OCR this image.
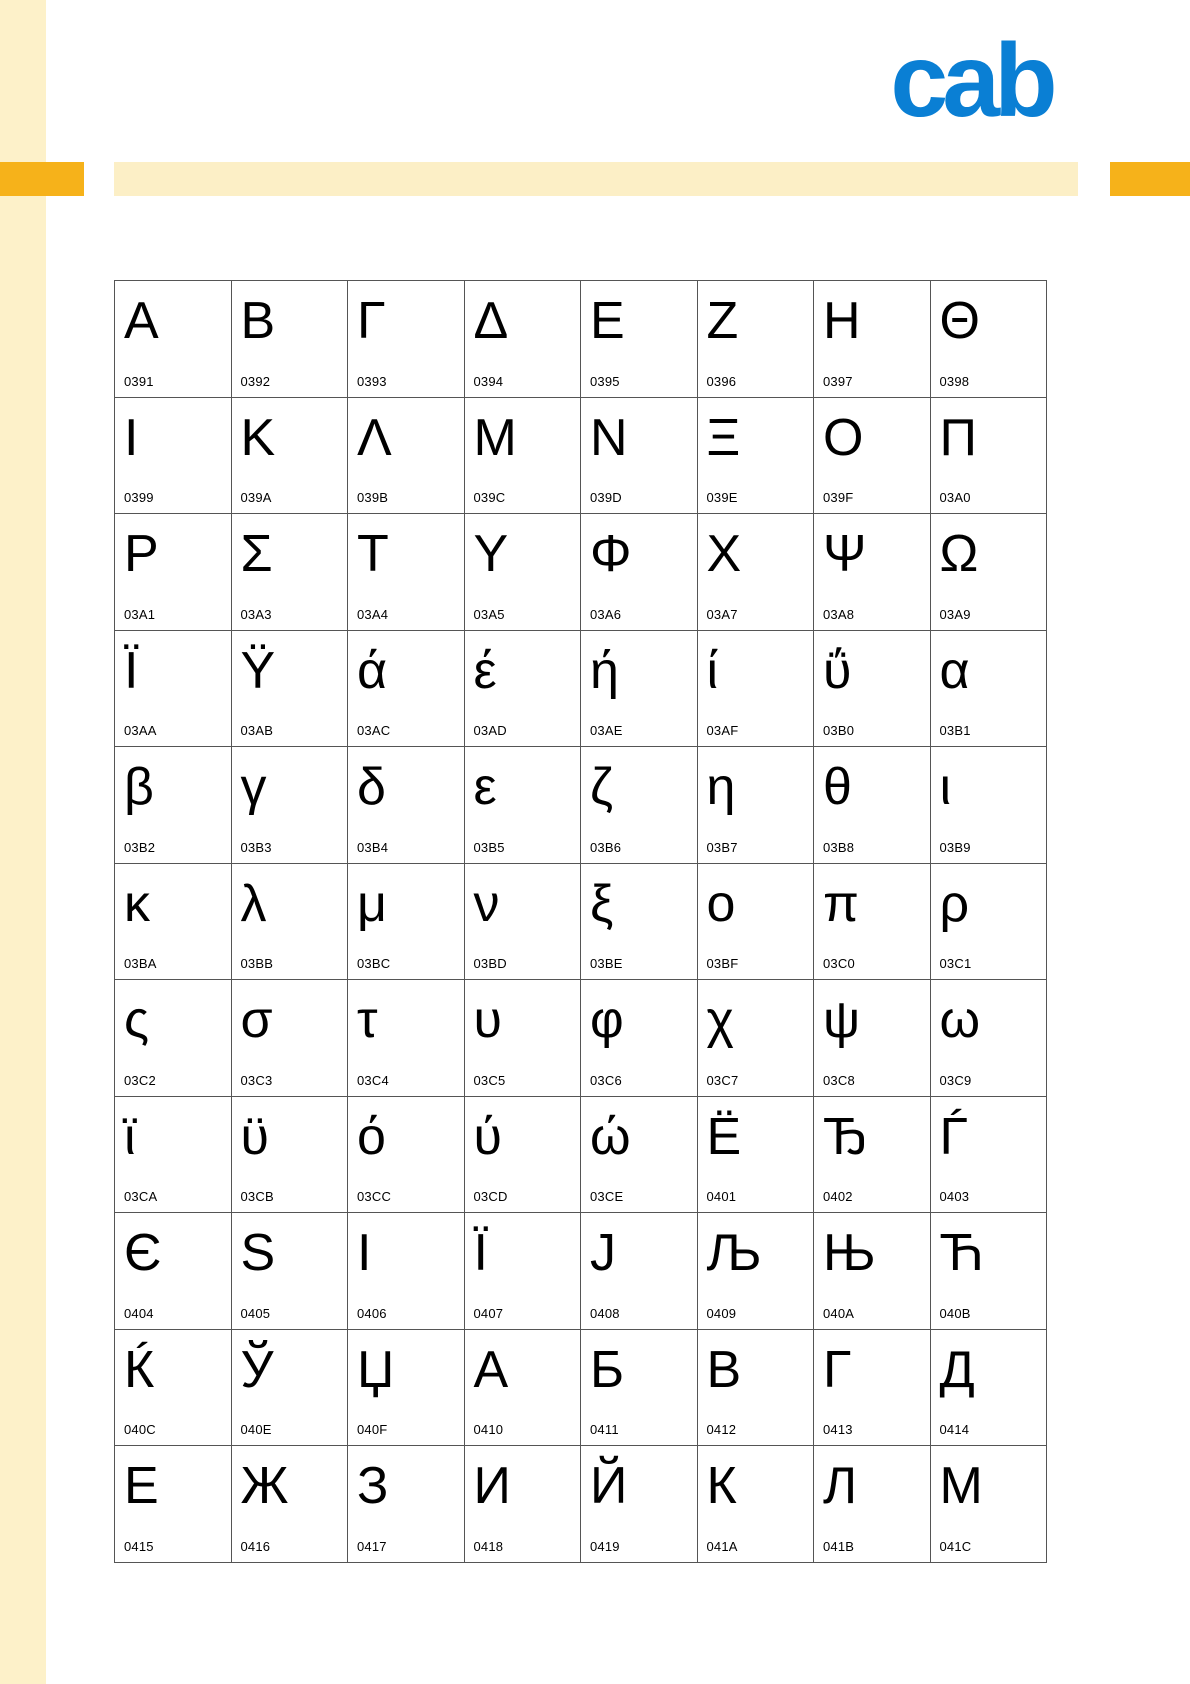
cab
Α
0391
Β
0392
Γ
0393
Δ
0394
Ε
0395
Ζ
0396
Η
0397
Θ
0398
Ι
0399
Κ
039A
Λ
039B
Μ
039C
Ν
039D
Ξ
039E
Ο
039F
Π
03A0
Ρ
03A1
Σ
03A3
Τ
03A4
Υ
03A5
Φ
03A6
Χ
03A7
Ψ
03A8
Ω
03A9
Ϊ
03AA
Ϋ
03AB
ά
03AC
έ
03AD
ή
03AE
ί
03AF
ΰ
03B0
α
03B1
β
03B2
γ
03B3
δ
03B4
ε
03B5
ζ
03B6
η
03B7
θ
03B8
ι
03B9
κ
03BA
λ
03BB
μ
03BC
ν
03BD
ξ
03BE
ο
03BF
π
03C0
ρ
03C1
ς
03C2
σ
03C3
τ
03C4
υ
03C5
φ
03C6
χ
03C7
ψ
03C8
ω
03C9
ϊ
03CA
ϋ
03CB
ό
03CC
ύ
03CD
ώ
03CE
Ё
0401
Ђ
0402
Ѓ
0403
Є
0404
Ѕ
0405
І
0406
Ї
0407
Ј
0408
Љ
0409
Њ
040A
Ћ
040B
Ќ
040C
Ў
040E
Џ
040F
А
0410
Б
0411
В
0412
Г
0413
Д
0414
Е
0415
Ж
0416
З
0417
И
0418
Й
0419
К
041A
Л
041B
М
041C
